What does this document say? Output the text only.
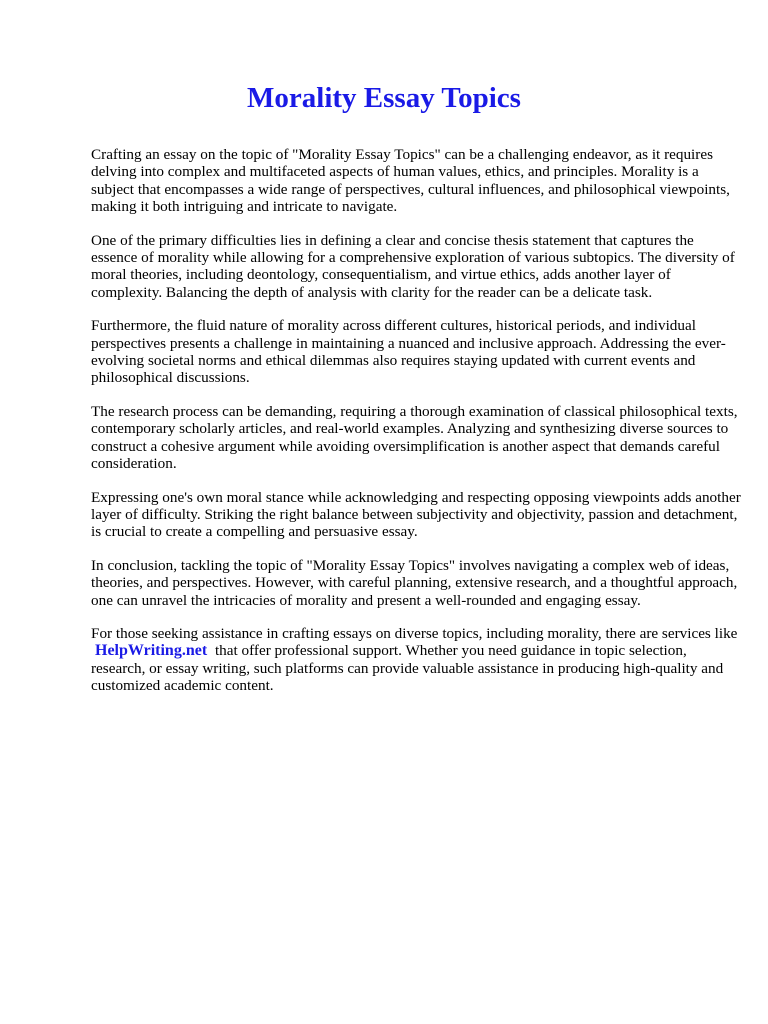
Morality Essay Topics

Crafting an essay on the topic of "Morality Essay Topics" can be a challenging endeavor, as it requires delving into complex and multifaceted aspects of human values, ethics, and principles. Morality is a subject that encompasses a wide range of perspectives, cultural influences, and philosophical viewpoints, making it both intriguing and intricate to navigate.

One of the primary difficulties lies in defining a clear and concise thesis statement that captures the essence of morality while allowing for a comprehensive exploration of various subtopics. The diversity of moral theories, including deontology, consequentialism, and virtue ethics, adds another layer of complexity. Balancing the depth of analysis with clarity for the reader can be a delicate task.

Furthermore, the fluid nature of morality across different cultures, historical periods, and individual perspectives presents a challenge in maintaining a nuanced and inclusive approach. Addressing the ever-evolving societal norms and ethical dilemmas also requires staying updated with current events and philosophical discussions.

The research process can be demanding, requiring a thorough examination of classical philosophical texts, contemporary scholarly articles, and real-world examples. Analyzing and synthesizing diverse sources to construct a cohesive argument while avoiding oversimplification is another aspect that demands careful consideration.

Expressing one's own moral stance while acknowledging and respecting opposing viewpoints adds another layer of difficulty. Striking the right balance between subjectivity and objectivity, passion and detachment, is crucial to create a compelling and persuasive essay.

In conclusion, tackling the topic of "Morality Essay Topics" involves navigating a complex web of ideas, theories, and perspectives. However, with careful planning, extensive research, and a thoughtful approach, one can unravel the intricacies of morality and present a well-rounded and engaging essay.

For those seeking assistance in crafting essays on diverse topics, including morality, there are services like HelpWriting.net that offer professional support. Whether you need guidance in topic selection, research, or essay writing, such platforms can provide valuable assistance in producing high-quality and customized academic content.
